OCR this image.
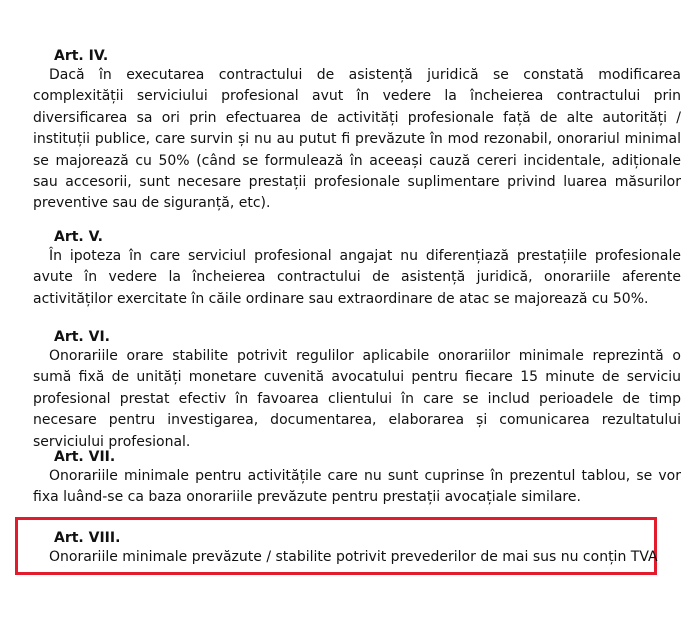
Art. IV.

Dacă în executarea contractului de asistență juridică se constată modificarea complexității serviciului profesional avut în vedere la încheierea contractului prin diversificarea sa ori prin efectuarea de activități profesionale față de alte autorități / instituții publice, care survin și nu au putut fi prevăzute în mod rezonabil, onorariul minimal se majorează cu 50% (când se formulează în aceeași cauză cereri incidentale, adiționale sau accesorii, sunt necesare prestații profesionale suplimentare privind luarea măsurilor preventive sau de siguranță, etc).

Art. V.

În ipoteza în care serviciul profesional angajat nu diferențiază prestațiile profesionale avute în vedere la încheierea contractului de asistență juridică, onorariile aferente activităților exercitate în căile ordinare sau extraordinare de atac se majorează cu 50%.

Art. VI.

Onorariile orare stabilite potrivit regulilor aplicabile onorariilor minimale reprezintă o sumă fixă de unități monetare cuvenită avocatului pentru fiecare 15 minute de serviciu profesional prestat efectiv în favoarea clientului în care se includ perioadele de timp necesare pentru investigarea, documentarea, elaborarea și comunicarea rezultatului serviciului profesional.

Art. VII.

Onorariile minimale pentru activitățile care nu sunt cuprinse în prezentul tablou, se vor fixa luând-se ca baza onorariile prevăzute pentru prestații avocațiale similare.

Art. VIII.

Onorariile minimale prevăzute / stabilite potrivit prevederilor de mai sus nu conțin TVA
